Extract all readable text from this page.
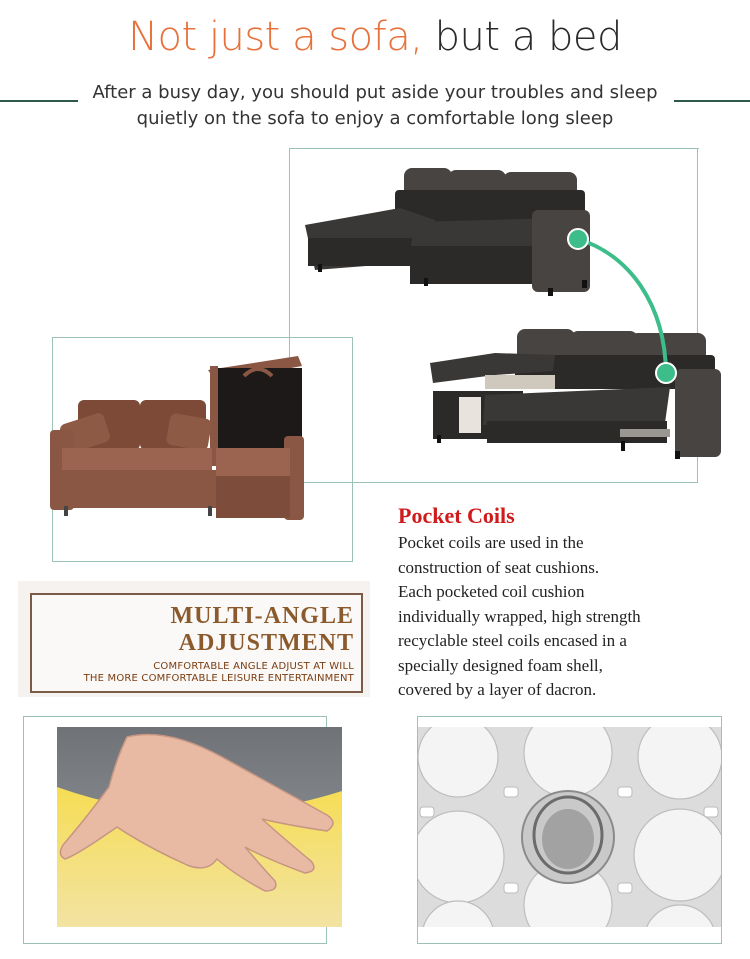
Not just a sofa, but a bed
After a busy day, you should put aside your troubles and sleep
quietly on the sofa to enjoy a comfortable long sleep
Pocket Coils
Pocket coils are used in the
construction of seat cushions.
Each pocketed coil cushion
individually wrapped, high strength
recyclable steel coils encased in a
specially designed foam shell,
covered by a layer of dacron.
MULTI-ANGLE
ADJUSTMENT
COMFORTABLE ANGLE ADJUST AT WILL
THE MORE COMFORTABLE LEISURE ENTERTAINMENT
